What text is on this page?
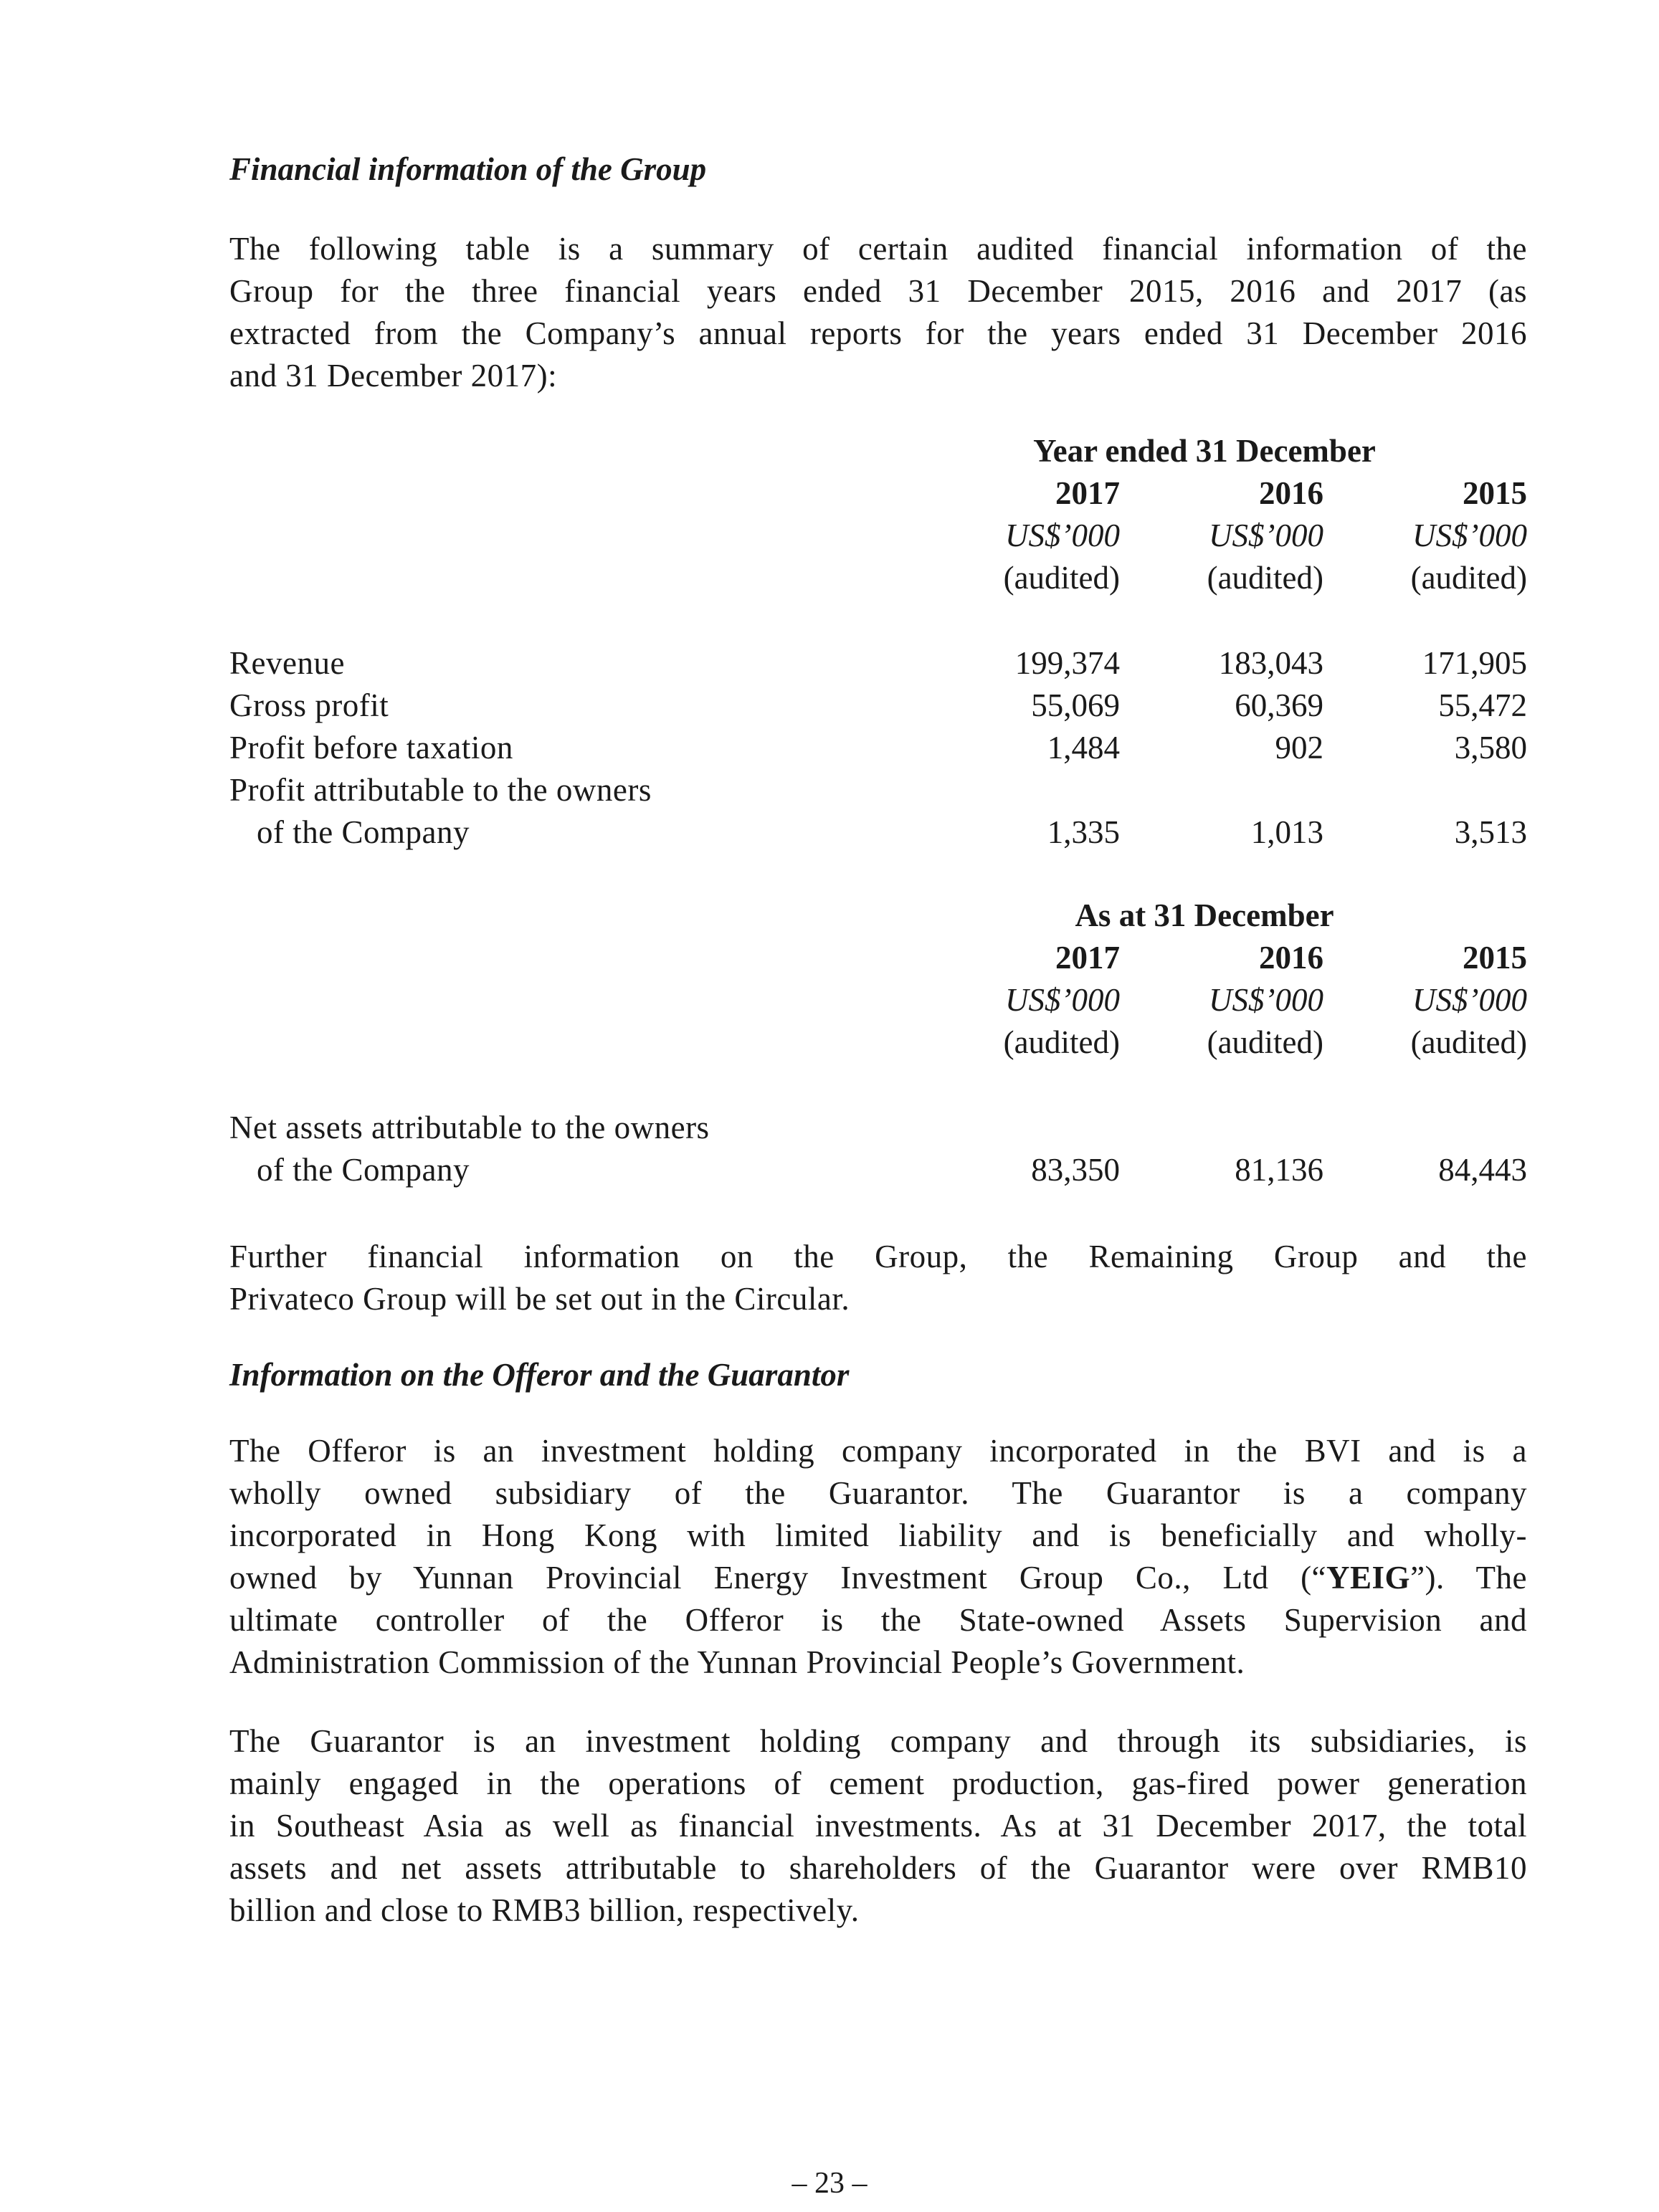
Financial information of the Group
The following table is a summary of certain audited financial information of the
Group for the three financial years ended 31 December 2015, 2016 and 2017 (as
extracted from the Company’s annual reports for the years ended 31 December 2016
and 31 December 2017):
Year ended 31 December
2017	2016	2015
US$’000	US$’000	US$’000
(audited)	(audited)	(audited)
Revenue	199,374	183,043	171,905
Gross profit	55,069	60,369	55,472
Profit before taxation	1,484	902	3,580
Profit attributable to the owners
of the Company	1,335	1,013	3,513
As at 31 December
2017	2016	2015
US$’000	US$’000	US$’000
(audited)	(audited)	(audited)
Net assets attributable to the owners
of the Company	83,350	81,136	84,443
Further financial information on the Group, the Remaining Group and the
Privateco Group will be set out in the Circular.
Information on the Offeror and the Guarantor
The Offeror is an investment holding company incorporated in the BVI and is a
wholly owned subsidiary of the Guarantor. The Guarantor is a company
incorporated in Hong Kong with limited liability and is beneficially and wholly-
owned by Yunnan Provincial Energy Investment Group Co., Ltd (“YEIG”). The
ultimate controller of the Offeror is the State-owned Assets Supervision and
Administration Commission of the Yunnan Provincial People’s Government.
The Guarantor is an investment holding company and through its subsidiaries, is
mainly engaged in the operations of cement production, gas-fired power generation
in Southeast Asia as well as financial investments. As at 31 December 2017, the total
assets and net assets attributable to shareholders of the Guarantor were over RMB10
billion and close to RMB3 billion, respectively.
– 23 –
